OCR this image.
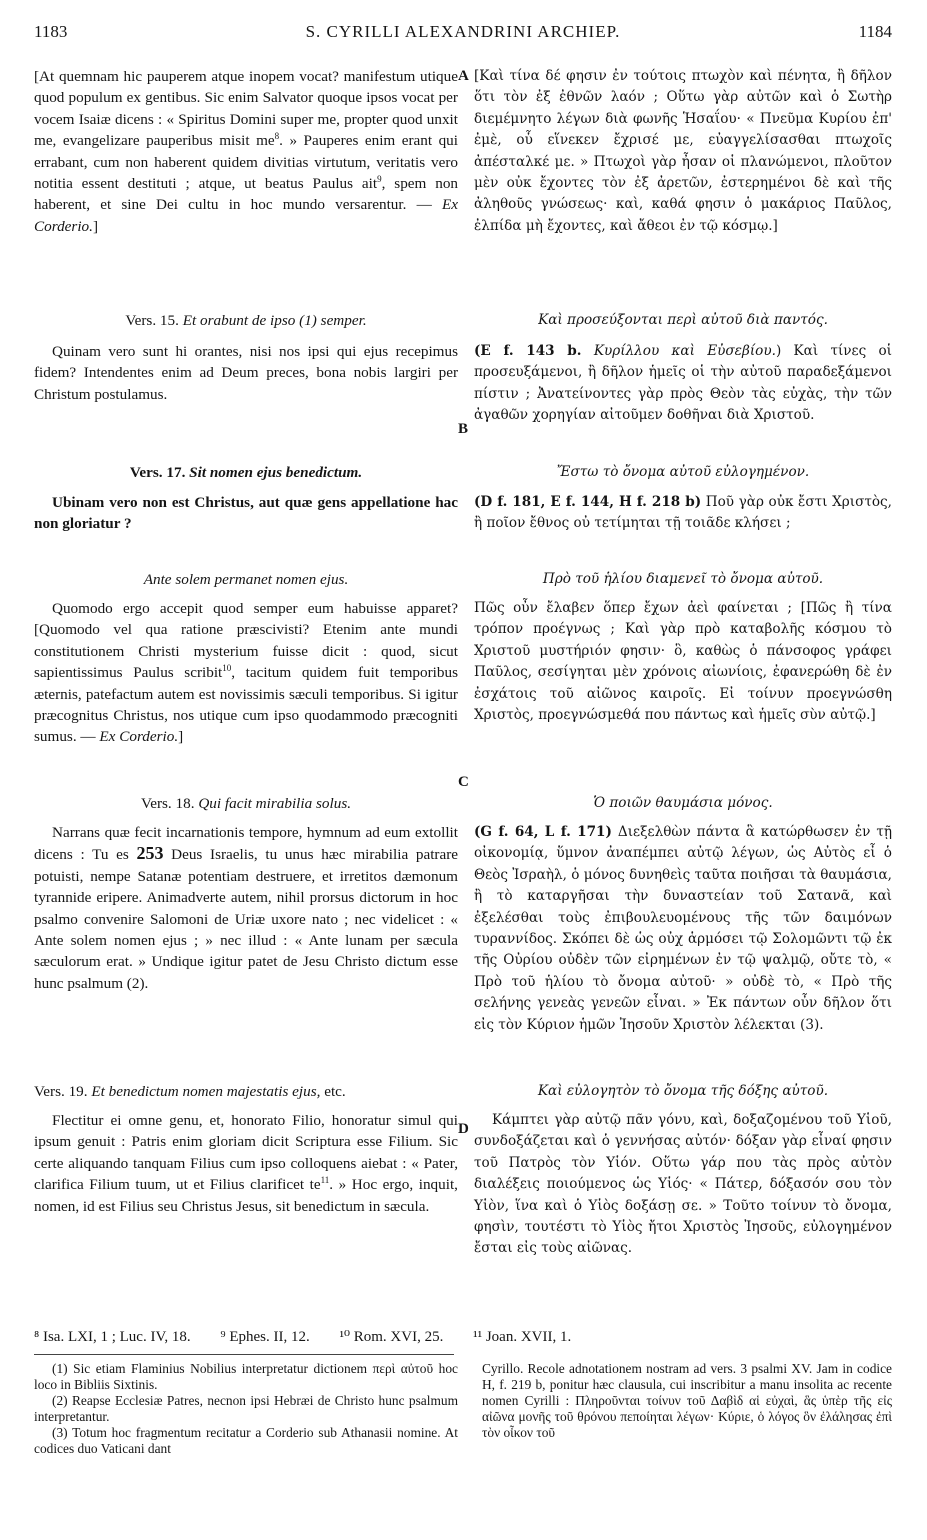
S. CYRILLI ALEXANDRINI ARCHIEP.
1183	1184
A
B
C
D

[At quemnam hic pauperem atque inopem vocat? manifestum utique quod populum ex gentibus. Sic enim Salvator quoque ipsos vocat per vocem Isaiæ dicens : « Spiritus Domini super me, propter quod unxit me, evangelizare pauperibus misit $me^8$. » Pauperes enim erant qui errabant, cum non haberent quidem divitias virtutum, veritatis vero notitia essent destituti ; atque, ut beatus Paulus ait$^9$, spem non haberent, et sine Dei cultu in hoc mundo versarentur. — Ex Corderio.]

Vers. 15. Et orabunt de ipso (1) semper.

Quinam vero sunt hi orantes, nisi nos ipsi qui ejus recepimus fidem? Intendentes enim ad Deum preces, bona nobis largiri per Christum postulamus.

Vers. 17. Sit nomen ejus benedictum.

Ubinam vero non est Christus, aut quæ gens appellatione hac non gloriatur ?

Ante solem permanet nomen ejus.

Quomodo ergo accepit quod semper eum habuisse apparet? [Quomodo vel qua ratione præscivisti? Etenim ante mundi constitutionem Christi mysterium fuisse dicit : quod, sicut sapientissimus Paulus scribit$^{10}$, tacitum quidem fuit temporibus æternis, patefactum autem est novissimis sæculi temporibus. Si igitur præcognitus Christus, nos utique cum ipso quodammodo præcogniti sumus. — Ex Corderio.]

Vers. 18. Qui facit mirabilia solus.

Narrans quæ fecit incarnationis tempore, hymnum ad eum extollit dicens : Tu es 253 Deus Israelis, tu unus hæc mirabilia patrare potuisti, nempe Satanæ potentiam destruere, et irretitos dæmonum tyrannide eripere. Animadverte autem, nihil prorsus dictorum in hoc psalmo convenire Salomoni de Uriæ uxore nato ; nec videlicet : « Ante solem nomen ejus ; » nec illud : « Ante lunam per sæcula sæculorum erat. » Undique igitur patet de Jesu Christo dictum esse hunc psalmum (2).

Vers. 19. Et benedictum nomen majestatis ejus, etc.

Flectitur ei omne genu, et, honorato Filio, honoratur simul qui ipsum genuit : Patris enim gloriam dicit Scriptura esse Filium. Sic certe aliquando tanquam Filius cum ipso colloquens aiebat : « Pater, clarifica Filium tuum, ut et Filius clarificet $te^{11}$. » Hoc ergo, inquit, nomen, id est Filius seu Christus Jesus, sit benedictum in sæcula.

[Καὶ τίνα δέ φησιν ἐν τούτοις πτωχὸν καὶ πένητα, ἢ δῆλον ὅτι τὸν ἐξ ἐθνῶν λαόν ; Οὕτω γὰρ αὐτῶν καὶ ὁ Σωτὴρ διεμέμνητο λέγων διὰ φωνῆς Ἡσαΐου· « Πνεῦμα Κυρίου ἐπ' ἐμὲ, οὗ εἵνεκεν ἔχρισέ με, εὐαγγελίσασθαι πτωχοῖς ἀπέσταλκέ με. » Πτωχοὶ γὰρ ἦσαν οἱ πλανώμενοι, πλοῦτον μὲν οὐκ ἔχοντες τὸν ἐξ ἀρετῶν, ἐστερημένοι δὲ καὶ τῆς ἀληθοῦς γνώσεως· καὶ, καθά φησιν ὁ μακάριος Παῦλος, ἐλπίδα μὴ ἔχοντες, καὶ ἄθεοι ἐν τῷ κόσμῳ.]

Καὶ προσεύξονται περὶ αὐτοῦ διὰ παντός.

(E f. 143 b. Κυρίλλου καὶ Εὐσεβίου.) Καὶ τίνες οἱ προσευξάμενοι, ἢ δῆλον ἡμεῖς οἱ τὴν αὐτοῦ παραδεξάμενοι πίστιν ; Ἀνατείνοντες γὰρ πρὸς Θεὸν τὰς εὐχὰς, τὴν τῶν ἀγαθῶν χορηγίαν αἰτοῦμεν δοθῆναι διὰ Χριστοῦ.

Ἔστω τὸ ὄνομα αὐτοῦ εὐλογημένον.

(D f. 181, E f. 144, H f. 218 b) Ποῦ γὰρ οὐκ ἔστι Χριστὸς, ἢ ποῖον ἔθνος οὐ τετίμηται τῇ τοιᾶδε κλήσει ;

Πρὸ τοῦ ἡλίου διαμενεῖ τὸ ὄνομα αὐτοῦ.

Πῶς οὖν ἔλαβεν ὅπερ ἔχων ἀεὶ φαίνεται ; [Πῶς ἢ τίνα τρόπον προέγνως ; Καὶ γὰρ πρὸ καταβολῆς κόσμου τὸ Χριστοῦ μυστήριόν φησιν· ὃ, καθὼς ὁ πάνσοφος γράφει Παῦλος, σεσίγηται μὲν χρόνοις αἰωνίοις, ἐφανερώθη δὲ ἐν ἐσχάτοις τοῦ αἰῶνος καιροῖς. Εἰ τοίνυν προεγνώσθη Χριστὸς, προεγνώσμεθά που πάντως καὶ ἡμεῖς σὺν αὐτῷ.]

Ὁ ποιῶν θαυμάσια μόνος.

(G f. 64, L f. 171) Διεξελθὼν πάντα ἃ κατώρθωσεν ἐν τῇ οἰκονομίᾳ, ὕμνον ἀναπέμπει αὐτῷ λέγων, ὡς Αὐτὸς εἶ ὁ Θεὸς Ἰσραὴλ, ὁ μόνος δυνηθεὶς ταῦτα ποιῆσαι τὰ θαυμάσια, ἢ τὸ καταργῆσαι τὴν δυναστείαν τοῦ Σατανᾶ, καὶ ἐξελέσθαι τοὺς ἐπιβουλευομένους τῆς τῶν δαιμόνων τυραννίδος. Σκόπει δὲ ὡς οὐχ ἁρμόσει τῷ Σολομῶντι τῷ ἐκ τῆς Οὐρίου οὐδὲν τῶν εἰρημένων ἐν τῷ ψαλμῷ, οὔτε τὸ, « Πρὸ τοῦ ἡλίου τὸ ὄνομα αὐτοῦ· » οὐδὲ τὸ, « Πρὸ τῆς σελήνης γενεὰς γενεῶν εἶναι. » Ἐκ πάντων οὖν δῆλον ὅτι εἰς τὸν Κύριον ἡμῶν Ἰησοῦν Χριστὸν λέλεκται (3).

Καὶ εὐλογητὸν τὸ ὄνομα τῆς δόξης αὐτοῦ.

Κάμπτει γὰρ αὐτῷ πᾶν γόνυ, καὶ, δοξαζομένου τοῦ Υἱοῦ, συνδοξάζεται καὶ ὁ γεννήσας αὐτόν· δόξαν γὰρ εἶναί φησιν τοῦ Πατρὸς τὸν Υἱόν. Οὕτω γάρ που τὰς πρὸς αὐτὸν διαλέξεις ποιούμενος ὡς Υἱός· « Πάτερ, δόξασόν σου τὸν Υἱὸν, ἵνα καὶ ὁ Υἱὸς δοξάσῃ σε. » Τοῦτο τοίνυν τὸ ὄνομα, φησὶν, τουτέστι τὸ Υἱὸς ἤτοι Χριστὸς Ἰησοῦς, εὐλογημένον ἔσται εἰς τοὺς αἰῶνας.

⁸ Isa. LXI, 1 ; Luc. IV, 18. ⁹ Ephes. II, 12. ¹⁰ Rom. XVI, 25. ¹¹ Joan. XVII, 1.

(1) Sic etiam Flaminius Nobilius interpretatur dictionem περὶ αὐτοῦ hoc loco in Bibliis Sixtinis.

(2) Reapse Ecclesiæ Patres, necnon ipsi Hebræi de Christo hunc psalmum interpretantur.

(3) Totum hoc fragmentum recitatur a Corderio sub Athanasii nomine. At codices duo Vaticani dant

Cyrillo. Recole adnotationem nostram ad vers. 3 psalmi XV. Jam in codice H, f. 219 b, ponitur hæc clausula, cui inscribitur a manu insolita ac recente nomen Cyrilli : Πληροῦνται τοίνυν τοῦ Δαβὶδ αἱ εὐχαὶ, ἃς ὑπὲρ τῆς εἰς αἰῶνα μονῆς τοῦ θρόνου πεποίηται λέγων· Κύριε, ὁ λόγος ὃν ἐλάλησας ἐπὶ τὸν οἶκον τοῦ
